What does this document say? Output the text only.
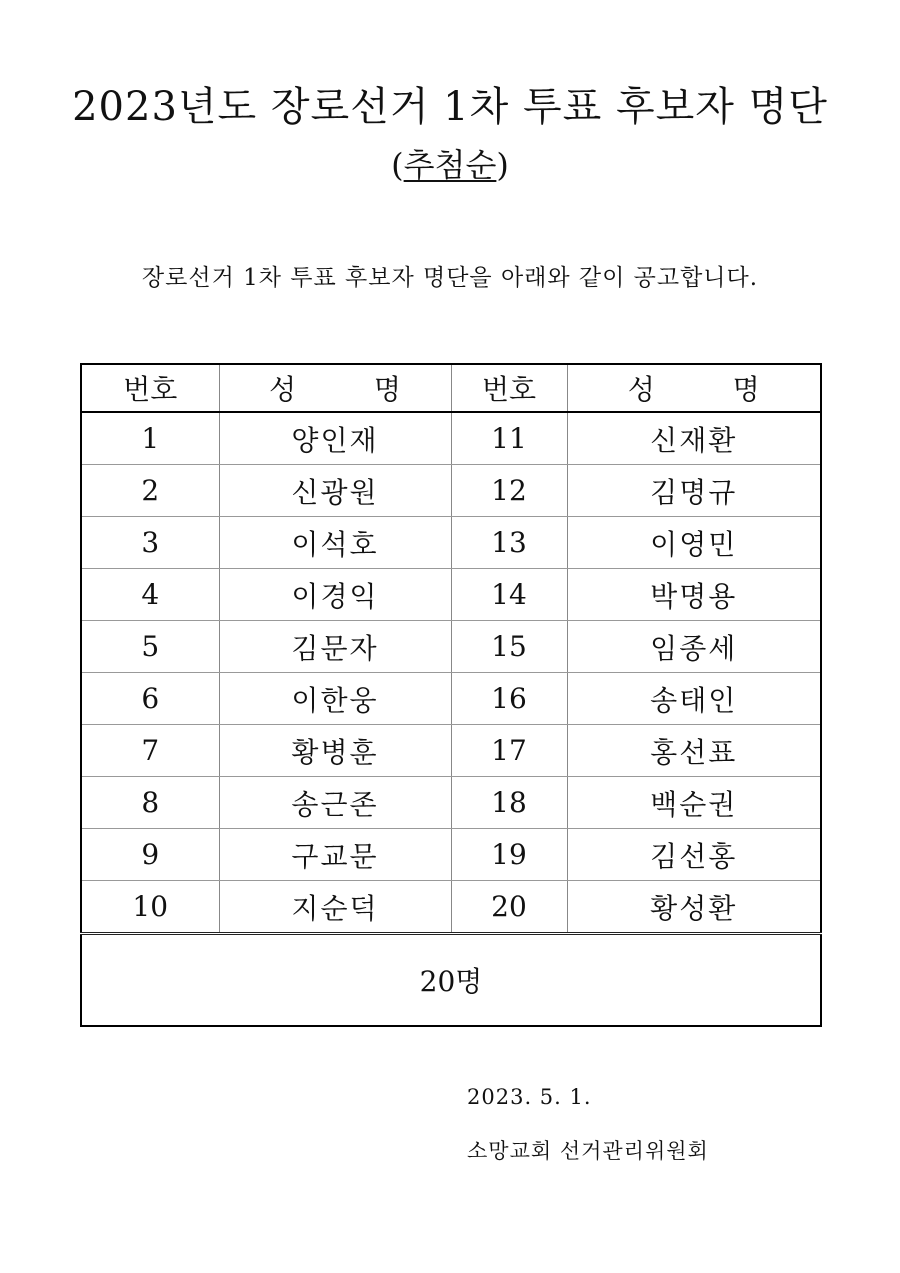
2023년도 장로선거 1차 투표 후보자 명단
(추첨순)
장로선거 1차 투표 후보자 명단을 아래와 같이 공고합니다.
번호	성  명	번호	성  명
1	양인재	11	신재환
2	신광원	12	김명규
3	이석호	13	이영민
4	이경익	14	박명용
5	김문자	15	임종세
6	이한웅	16	송태인
7	황병훈	17	홍선표
8	송근존	18	백순권
9	구교문	19	김선홍
10	지순덕	20	황성환
20명			
2023. 5. 1.
소망교회 선거관리위원회
